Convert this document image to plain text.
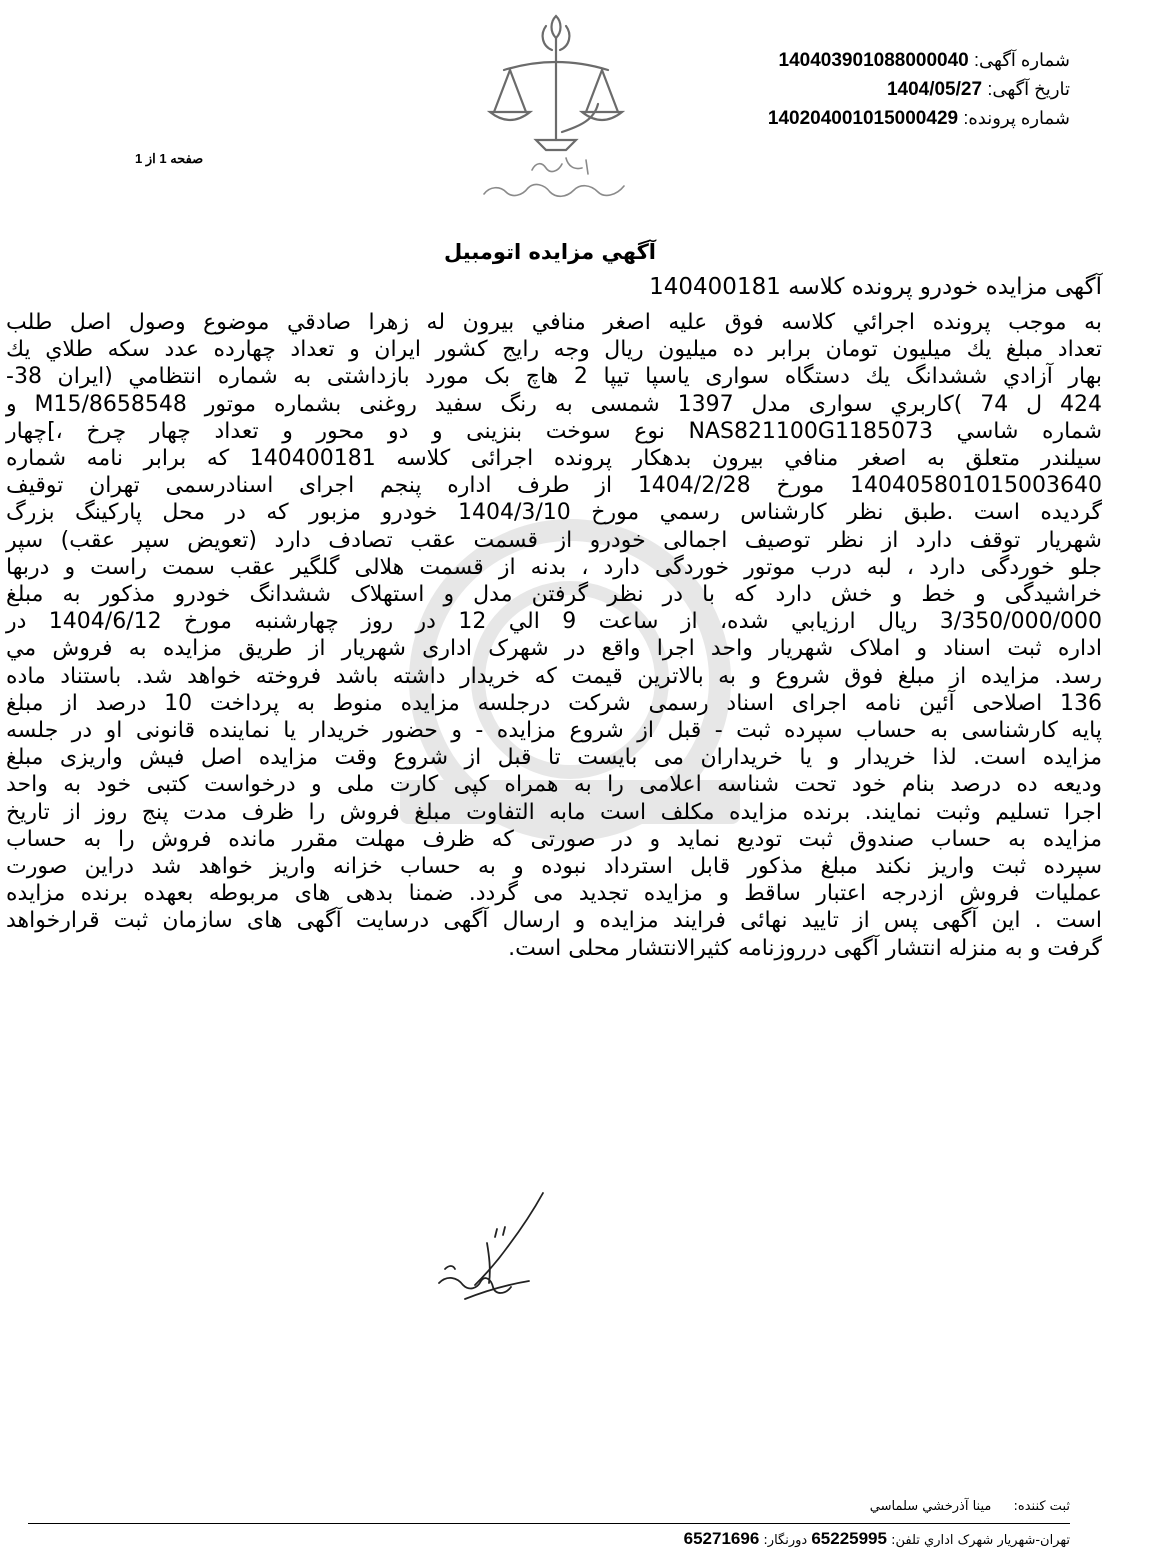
شماره آگهی: 140403901088000040
تاریخ آگهی: 1404/05/27
شماره پرونده: 140204001015000429
صفحه 1 از 1
آگهي مزايده اتومبيل
آگهی مزایده خودرو پرونده کلاسه 140400181

به موجب پرونده اجرائي كلاسه فوق عليه اصغر منافي بيرون له زهرا صادقي موضوع وصول اصل طلب

تعداد مبلغ يك ميليون تومان برابر ده ميليون ريال وجه رايج كشور ايران و تعداد چهارده عدد سكه طلاي يك

بهار آزادي ششدانگ يك دستگاه سواری ياسپا تيپا 2 هاچ بک مورد بازداشتی به شماره انتظامي (ايران 38-

424 ل 74 )كاربري سواری مدل 1397 شمسی به رنگ سفيد روغنی بشماره موتور M15/8658548 و

شماره شاسي NAS821100G1185073 نوع سوخت بنزينی و دو محور و تعداد چهار چرخ ،]چهار

سيلندر متعلق به اصغر منافي بيرون بدهكار پرونده اجرائی كلاسه 140400181 كه برابر نامه شماره

140405801015003640 مورخ 1404/2/28 از طرف اداره پنجم اجرای اسنادرسمی تهران توقيف

گرديده است .طبق نظر كارشناس رسمي مورخ 1404/3/10 خودرو مزبور كه در محل پاركينگ بزرگ

شهريار توقف دارد از نظر توصيف اجمالی خودرو از قسمت عقب تصادف دارد (تعويض سپر عقب) سپر

جلو خوردگی دارد ، لبه درب موتور خوردگی دارد ، بدنه از قسمت هلالی گلگير عقب سمت راست و دربها

خراشيدگی و خط و خش دارد كه با در نظر گرفتن مدل و استهلاک ششدانگ خودرو مذكور به مبلغ

3/350/000/000 ريال ارزيابي شده، از ساعت 9 الي 12 در روز چهارشنبه مورخ 1404/6/12 در

اداره ثبت اسناد و املاک شهريار واحد اجرا واقع در شهرک اداری شهريار از طريق مزايده به فروش مي

رسد. مزايده از مبلغ فوق شروع و به بالاترين قيمت كه خريدار داشته باشد فروخته خواهد شد. باستناد ماده

136 اصلاحی آئين نامه اجرای اسناد رسمی شركت درجلسه مزايده منوط به پرداخت 10 درصد از مبلغ

پايه كارشناسی به حساب سپرده ثبت - قبل از شروع مزايده - و حضور خريدار يا نماينده قانونی او در جلسه

مزايده است. لذا خريدار و يا خريداران می بايست تا قبل از شروع وقت مزايده اصل فيش واريزی مبلغ

وديعه ده درصد بنام خود تحت شناسه اعلامی را به همراه كپی كارت ملی و درخواست كتبی خود به واحد

اجرا تسليم وثبت نمايند. برنده مزايده مكلف است مابه التفاوت مبلغ فروش را ظرف مدت پنج روز از تاريخ

مزايده به حساب صندوق ثبت توديع نمايد و در صورتی كه ظرف مهلت مقرر مانده فروش را به حساب

سپرده ثبت واريز نكند مبلغ مذكور قابل استرداد نبوده و به حساب خزانه واريز خواهد شد دراين صورت

عمليات فروش ازدرجه اعتبار ساقط و مزايده تجديد می گردد. ضمنا بدهی های مربوطه بعهده برنده مزايده

است . اين آگهی پس از تاييد نهائی فرايند مزايده و ارسال آگهی درسايت آگهی های سازمان ثبت قرارخواهد

گرفت و به منزله انتشار آگهی درروزنامه كثيرالانتشار محلی است.

ثبت كننده: مينا آذرخشي سلماسي
تهران-شهريار شهرک اداري تلفن: 65225995 دورنگار: 65271696
